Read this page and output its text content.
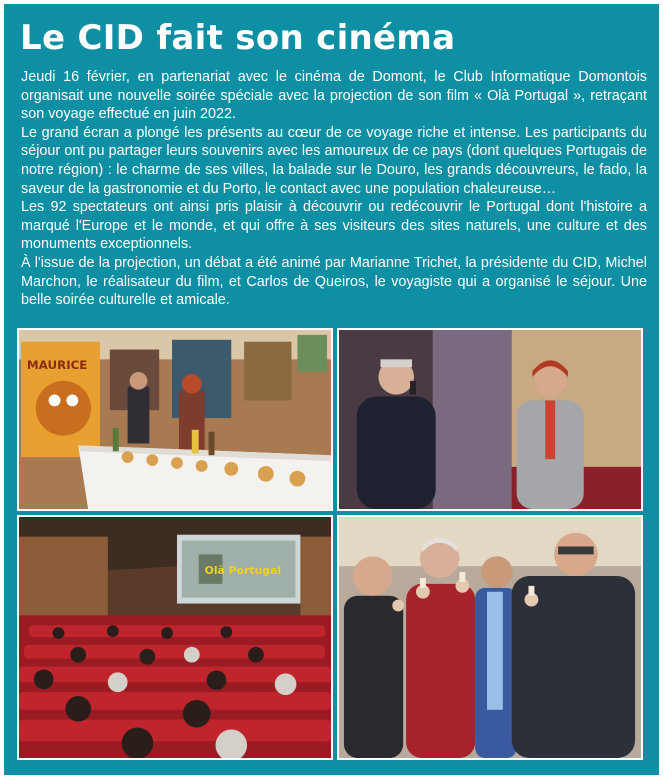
Le CID fait son cinéma

Jeudi 16 février, en partenariat avec le cinéma de Domont, le Club Informatique Domontois organisait une nouvelle soirée spéciale avec la projection de son film « Olà Portugal », retraçant son voyage effectué en juin 2022.

Le grand écran a plongé les présents au cœur de ce voyage riche et intense. Les participants du séjour ont pu partager leurs souvenirs avec les amoureux de ce pays (dont quelques Portugais de notre région) : le charme de ses villes, la balade sur le Douro, les grands découvreurs, le fado, la saveur de la gastronomie et du Porto, le contact avec une population chaleureuse…

Les 92 spectateurs ont ainsi pris plaisir à découvrir ou redécouvrir le Portugal dont l'histoire a marqué l'Europe et le monde, et qui offre à ses visiteurs des sites naturels, une culture et des monuments exceptionnels.

À l'issue de la projection, un débat a été animé par Marianne Trichet, la présidente du CID, Michel Marchon, le réalisateur du film, et Carlos de Queiros, le voyagiste qui a organisé le séjour. Une belle soirée culturelle et amicale.

MAURICE
Olà Portugal
